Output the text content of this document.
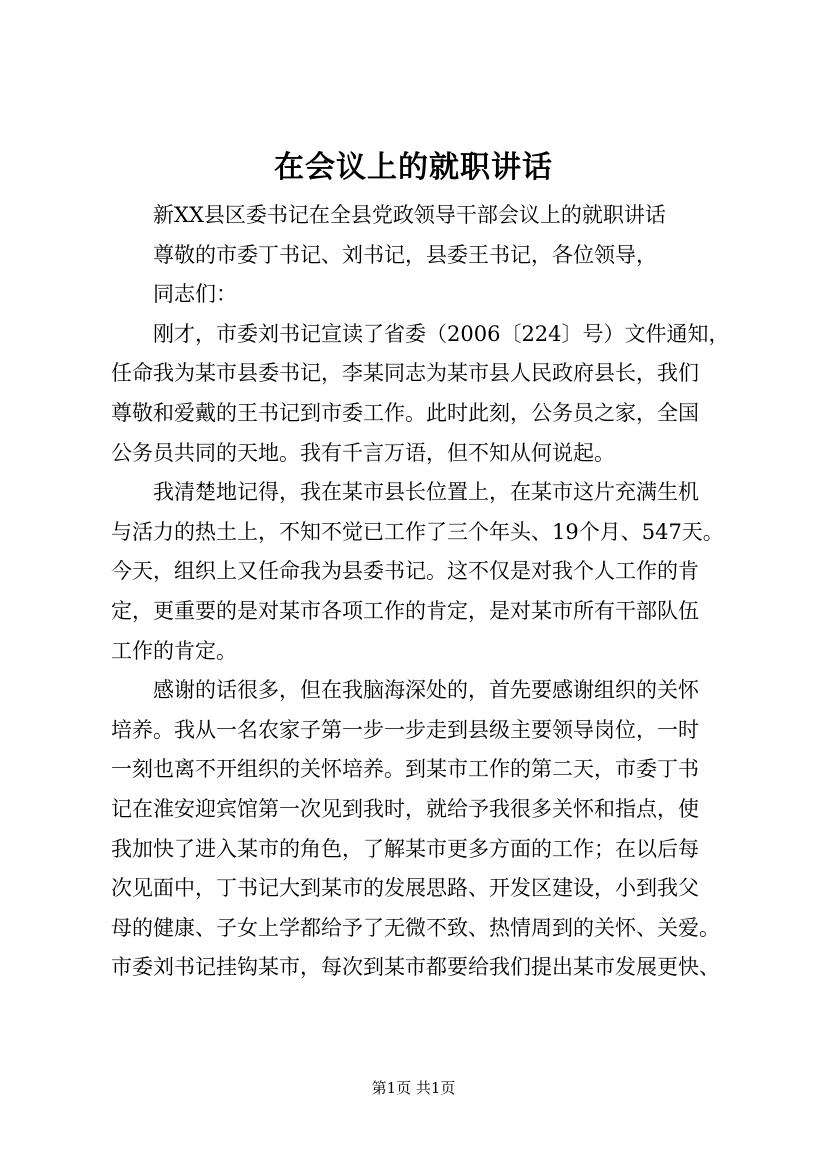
在会议上的就职讲话
新XX县区委书记在全县党政领导干部会议上的就职讲话
尊敬的市委丁书记、刘书记，县委王书记，各位领导，
同志们：
刚才，市委刘书记宣读了省委（2006〔224〕号）文件通知，
任命我为某市县委书记，李某同志为某市县人民政府县长，我们
尊敬和爱戴的王书记到市委工作。此时此刻，公务员之家，全国
公务员共同的天地。我有千言万语，但不知从何说起。
我清楚地记得，我在某市县长位置上，在某市这片充满生机
与活力的热土上，不知不觉已工作了三个年头、19个月、547天。
今天，组织上又任命我为县委书记。这不仅是对我个人工作的肯
定，更重要的是对某市各项工作的肯定，是对某市所有干部队伍
工作的肯定。
感谢的话很多，但在我脑海深处的，首先要感谢组织的关怀
培养。我从一名农家子第一步一步走到县级主要领导岗位，一时
一刻也离不开组织的关怀培养。到某市工作的第二天，市委丁书
记在淮安迎宾馆第一次见到我时，就给予我很多关怀和指点，使
我加快了进入某市的角色，了解某市更多方面的工作；在以后每
次见面中，丁书记大到某市的发展思路、开发区建设，小到我父
母的健康、子女上学都给予了无微不致、热情周到的关怀、关爱。
市委刘书记挂钩某市，每次到某市都要给我们提出某市发展更快、
第1页 共1页
